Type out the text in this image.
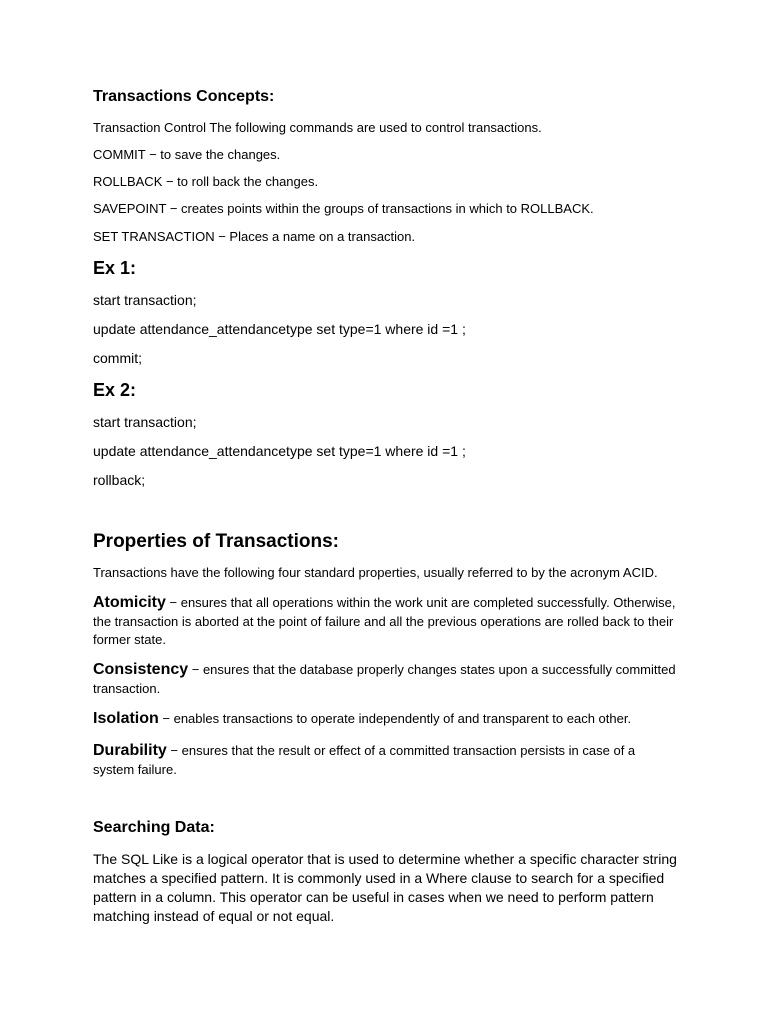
Transactions Concepts:

Transaction Control The following commands are used to control transactions.

COMMIT − to save the changes.

ROLLBACK − to roll back the changes.

SAVEPOINT − creates points within the groups of transactions in which to ROLLBACK.

SET TRANSACTION − Places a name on a transaction.

Ex 1:

start transaction;

update attendance_attendancetype set type=1 where id =1 ;

commit;

Ex 2:

start transaction;

update attendance_attendancetype set type=1 where id =1 ;

rollback;

Properties of Transactions:

Transactions have the following four standard properties, usually referred to by the acronym ACID.

Atomicity − ensures that all operations within the work unit are completed successfully. Otherwise, the transaction is aborted at the point of failure and all the previous operations are rolled back to their former state.

Consistency − ensures that the database properly changes states upon a successfully committed transaction.

Isolation − enables transactions to operate independently of and transparent to each other.

Durability − ensures that the result or effect of a committed transaction persists in case of a system failure.

Searching Data:

The SQL Like is a logical operator that is used to determine whether a specific character string matches a specified pattern. It is commonly used in a Where clause to search for a specified pattern in a column. This operator can be useful in cases when we need to perform pattern matching instead of equal or not equal.
